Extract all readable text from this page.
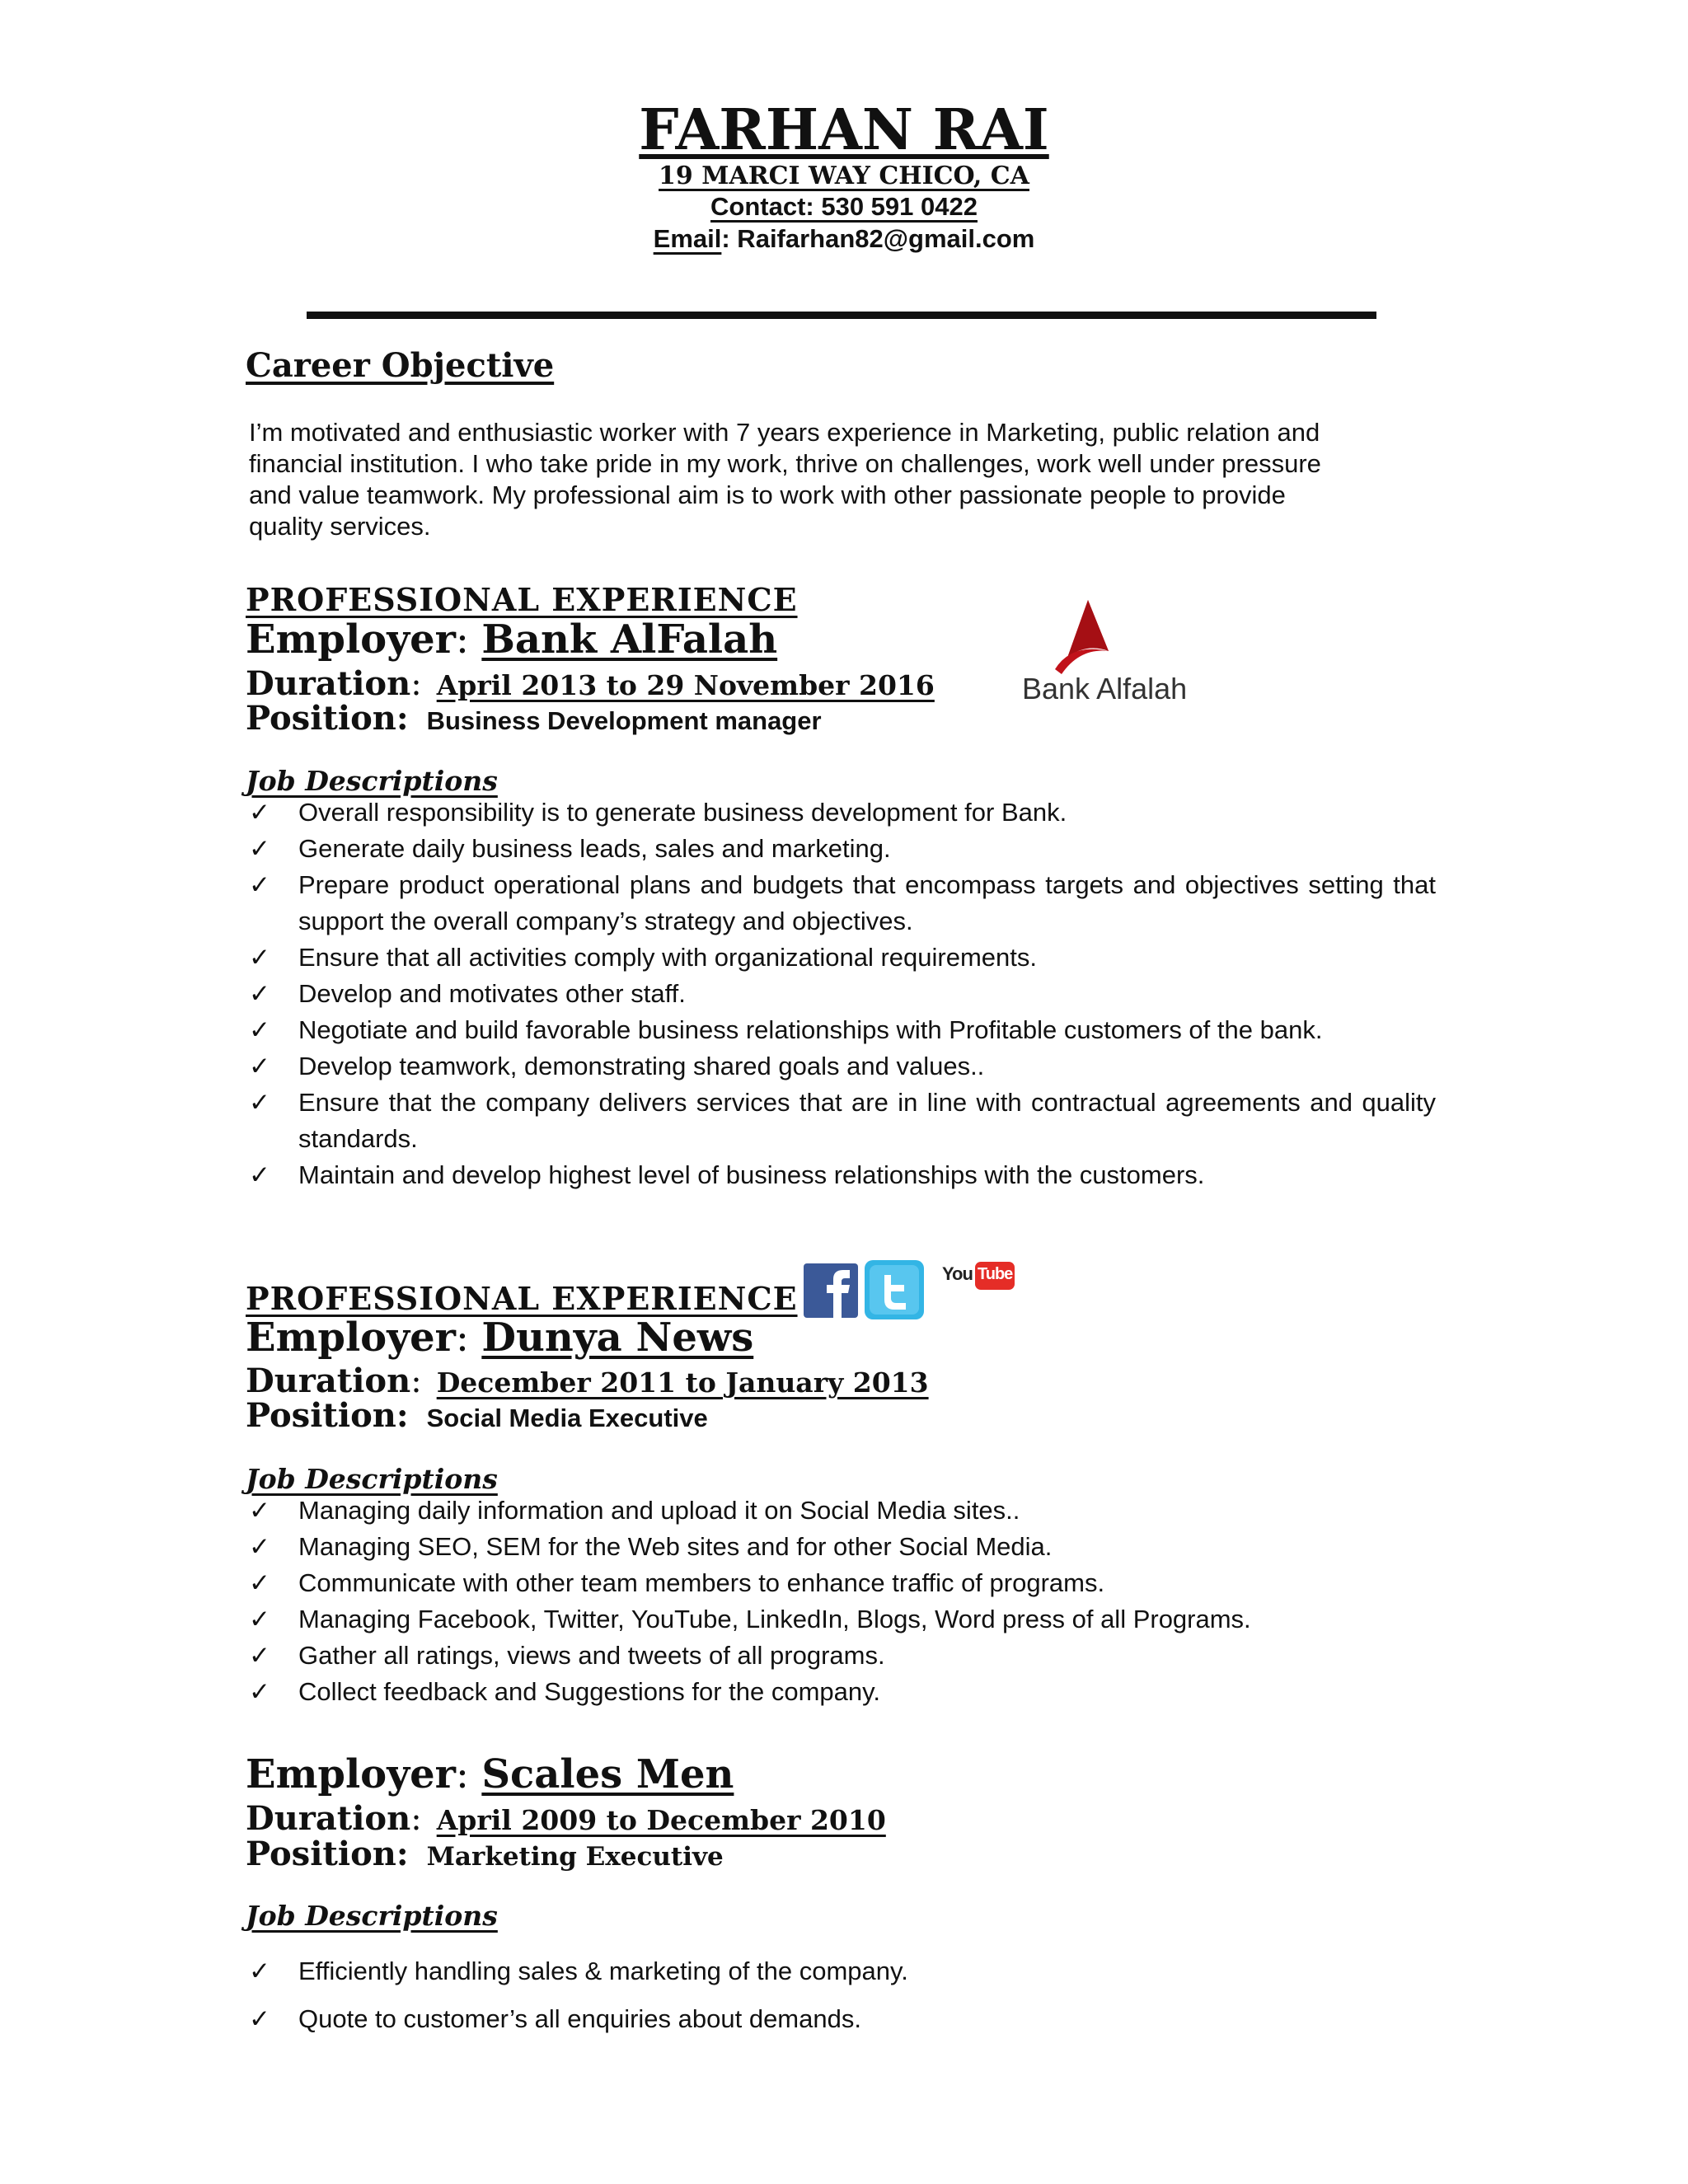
FARHAN RAI
19 MARCI WAY CHICO, CA
Contact: 530 591 0422
Email: Raifarhan82@gmail.com
Career Objective
I’m motivated and enthusiastic worker with 7 years experience in Marketing, public relation and
financial institution. I who take pride in my work, thrive on challenges, work well under pressure
and value teamwork. My professional aim is to work with other passionate people to provide
quality services.
PROFESSIONAL EXPERIENCE
Employer: Bank AlFalah
Duration: April 2013 to 29 November 2016
Position: Business Development manager
Bank Alfalah
Job Descriptions
✓ Overall responsibility is to generate business development for Bank.
✓ Generate daily business leads, sales and marketing.
✓ Prepare product operational plans and budgets that encompass targets and objectives setting that support the overall company’s strategy and objectives.
✓ Ensure that all activities comply with organizational requirements.
✓ Develop and motivates other staff.
✓ Negotiate and build favorable business relationships with Profitable customers of the bank.
✓ Develop teamwork, demonstrating shared goals and values..
✓ Ensure that the company delivers services that are in line with contractual agreements and quality standards.
✓ Maintain and develop highest level of business relationships with the customers.
PROFESSIONAL EXPERIENCE
You Tube
Employer: Dunya News
Duration: December 2011 to January 2013
Position: Social Media Executive
Job Descriptions
✓ Managing daily information and upload it on Social Media sites..
✓ Managing SEO, SEM for the Web sites and for other Social Media.
✓ Communicate with other team members to enhance traffic of programs.
✓ Managing Facebook, Twitter, YouTube, LinkedIn, Blogs, Word press of all Programs.
✓ Gather all ratings, views and tweets of all programs.
✓ Collect feedback and Suggestions for the company.
Employer: Scales Men
Duration: April 2009 to December 2010
Position: Marketing Executive
Job Descriptions
✓ Efficiently handling sales & marketing of the company.
✓ Quote to customer’s all enquiries about demands.
